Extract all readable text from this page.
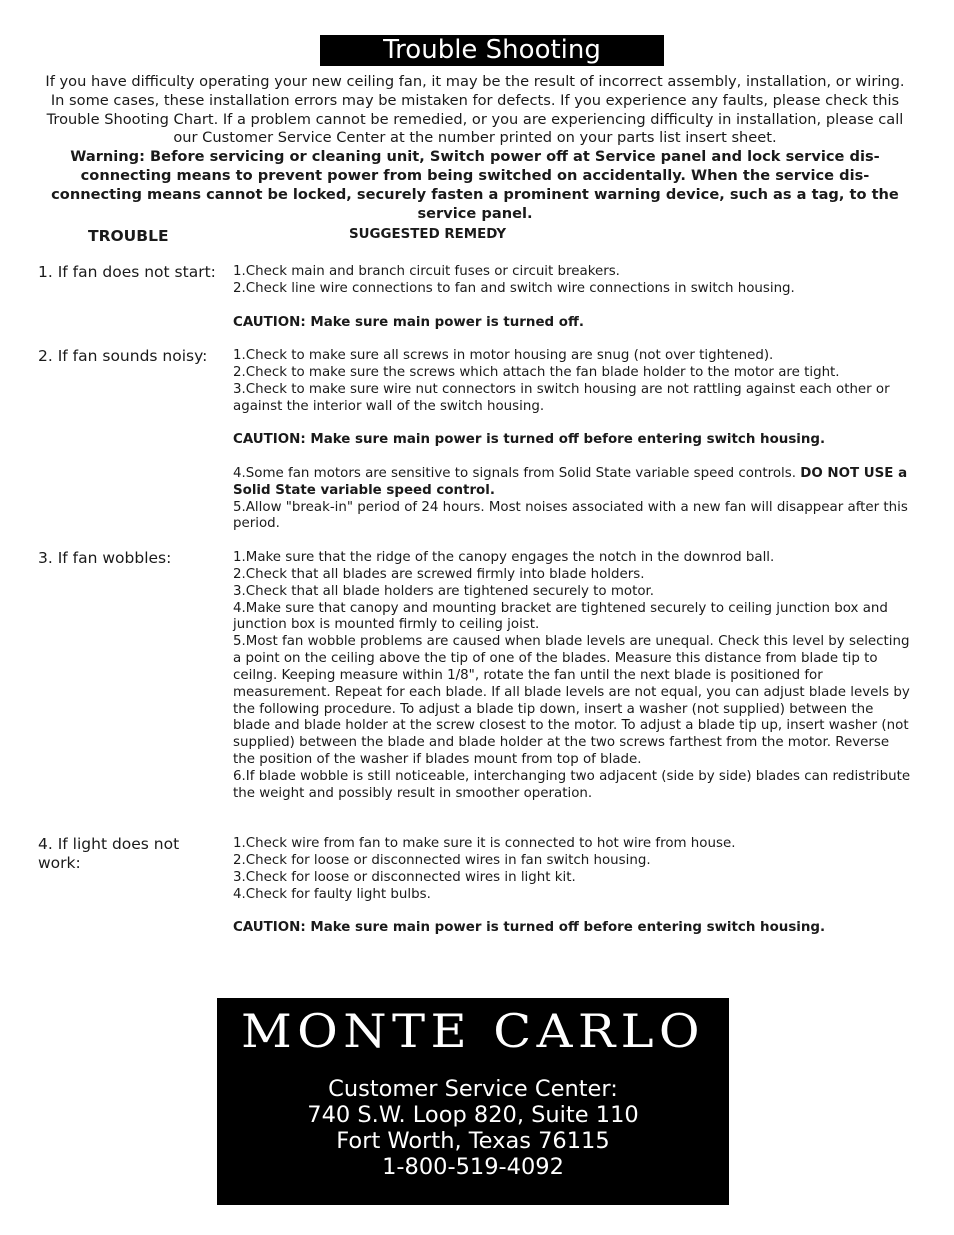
Trouble Shooting
If you have difficulty operating your new ceiling fan, it may be the result of incorrect assembly, installation, or wiring. In some cases, these installation errors may be mistaken for defects. If you experience any faults, please check this Trouble Shooting Chart. If a problem cannot be remedied, or you are experiencing difficulty in installation, please call our Customer Service Center at the number printed on your parts list insert sheet.
Warning: Before servicing or cleaning unit, Switch power off at Service panel and lock service dis-connecting means to prevent power from being switched on accidentally. When the service dis-connecting means cannot be locked, securely fasten a prominent warning device, such as a tag, to the service panel.
TROUBLE	SUGGESTED REMEDY
1. If fan does not start:	1.Check main and branch circuit fuses or circuit breakers.
2.Check line wire connections to fan and switch wire connections in switch housing.
CAUTION: Make sure main power is turned off.
2. If fan sounds noisy:	1.Check to make sure all screws in motor housing are snug (not over tightened).
2.Check to make sure the screws which attach the fan blade holder to the motor are tight.
3.Check to make sure wire nut connectors in switch housing are not rattling against each other or against the interior wall of the switch housing.
CAUTION: Make sure main power is turned off before entering switch housing.
4.Some fan motors are sensitive to signals from Solid State variable speed controls. DO NOT USE a Solid State variable speed control.
5.Allow "break-in" period of 24 hours. Most noises associated with a new fan will disappear after this period.
3. If fan wobbles:	1.Make sure that the ridge of the canopy engages the notch in the downrod ball.
2.Check that all blades are screwed firmly into blade holders.
3.Check that all blade holders are tightened securely to motor.
4.Make sure that canopy and mounting bracket are tightened securely to ceiling junction box and junction box is mounted firmly to ceiling joist.
5.Most fan wobble problems are caused when blade levels are unequal. Check this level by selecting a point on the ceiling above the tip of one of the blades. Measure this distance from blade tip to ceilng. Keeping measure within 1/8", rotate the fan until the next blade is positioned for measurement. Repeat for each blade. If all blade levels are not equal, you can adjust blade levels by the following procedure. To adjust a blade tip down, insert a washer (not supplied) between the blade and blade holder at the screw closest to the motor. To adjust a blade tip up, insert washer (not supplied) between the blade and blade holder at the two screws farthest from the motor. Reverse the position of the washer if blades mount from top of blade.
6.If blade wobble is still noticeable, interchanging two adjacent (side by side) blades can redistribute the weight and possibly result in smoother operation.
4. If light does not work:
1.Check wire from fan to make sure it is connected to hot wire from house.
2.Check for loose or disconnected wires in fan switch housing.
3.Check for loose or disconnected wires in light kit.
4.Check for faulty light bulbs.
CAUTION: Make sure main power is turned off before entering switch housing.
MONTE CARLO
Customer Service Center:
740 S.W. Loop 820, Suite 110
Fort Worth, Texas 76115
1-800-519-4092
